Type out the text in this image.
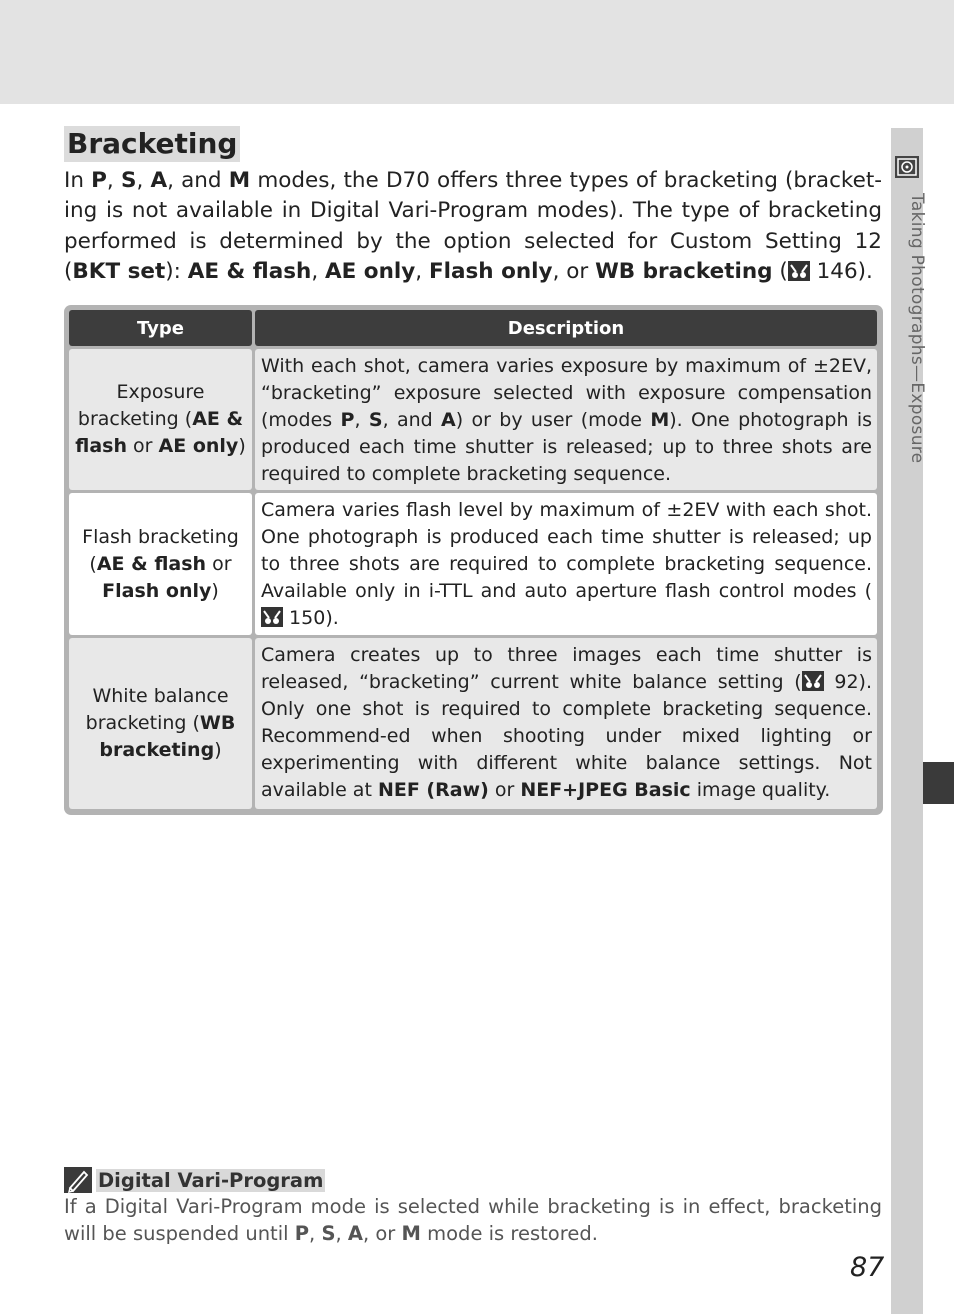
Taking Photographs—Exposure
Bracketing

In P, S, A, and M modes, the D70 offers three types of bracketing (bracket-ing is not available in Digital Vari-Program modes). The type of bracketing performed is determined by the option selected for Custom Setting 12 (BKT set): AE & flash, AE only, Flash only, or WB bracketing ( 146).

Type	Description
Exposure bracketing (AE & flash or AE only)
With each shot, camera varies exposure by maximum of ±2EV, “bracketing” exposure selected with exposure compensation (modes P, S, and A) or by user (mode M). One photograph is produced each time shutter is released; up to three shots are required to complete bracketing sequence.
Flash bracketing (AE & flash or Flash only)
Camera varies flash level by maximum of ±2EV with each shot. One photograph is produced each time shutter is released; up to three shots are required to complete bracketing sequence. Available only in i-TTL and auto aperture flash control modes ( 150).
White balance bracketing (WB bracketing)
Camera creates up to three images each time shutter is released, “bracketing” current white balance setting ( 92). Only one shot is required to complete bracketing sequence. Recommend-ed when shooting under mixed lighting or experimenting with different white balance settings. Not available at NEF (Raw) or NEF+JPEG Basic image quality.
Digital Vari-Program

If a Digital Vari-Program mode is selected while bracketing is in effect, bracketing will be suspended until P, S, A, or M mode is restored.

87
